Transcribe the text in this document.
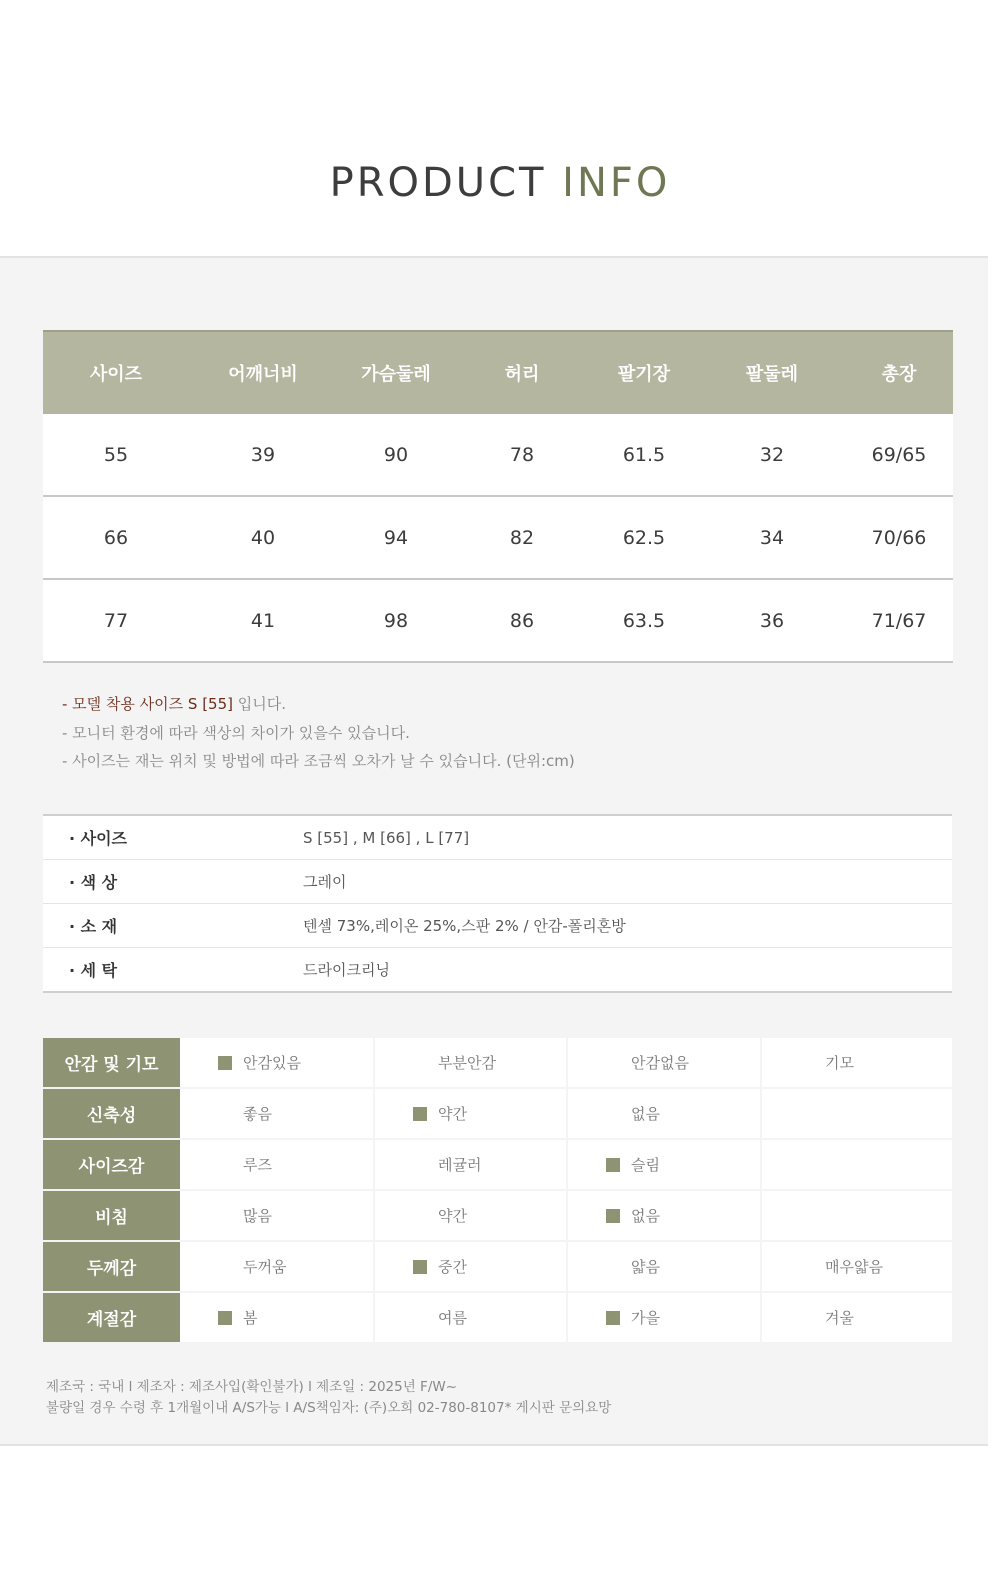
PRODUCT INFO
사이즈	어깨너비	가슴둘레	허리	팔기장	팔둘레	총장
55	39	90	78	61.5	32	69/65
66	40	94	82	62.5	34	70/66
77	41	98	86	63.5	36	71/67
- 모델 착용 사이즈 S [55] 입니다.
- 모니터 환경에 따라 색상의 차이가 있을수 있습니다.
- 사이즈는 재는 위치 및 방법에 따라 조금씩 오차가 날 수 있습니다. (단위:cm)
· 사이즈	S [55] , M [66] , L [77]
· 색 상	그레이
· 소 재	텐셀 73%,레이온 25%,스판 2% / 안감-폴리혼방
· 세 탁	드라이크리닝
안감 및 기모	안감있음	부분안감	안감없음	기모

신축성	좋음	약간	없음	

사이즈감	루즈	레귤러	슬림	

비침	많음	약간	없음	

두께감	두꺼움	중간	얇음	매우얇음

계절감	봄	여름	가을	겨울
제조국 : 국내 l 제조자 : 제조사입(확인불가) l 제조일 : 2025년 F/W~
불량일 경우 수령 후 1개월이내 A/S가능 l A/S책임자: (주)오희 02-780-8107* 게시판 문의요망
